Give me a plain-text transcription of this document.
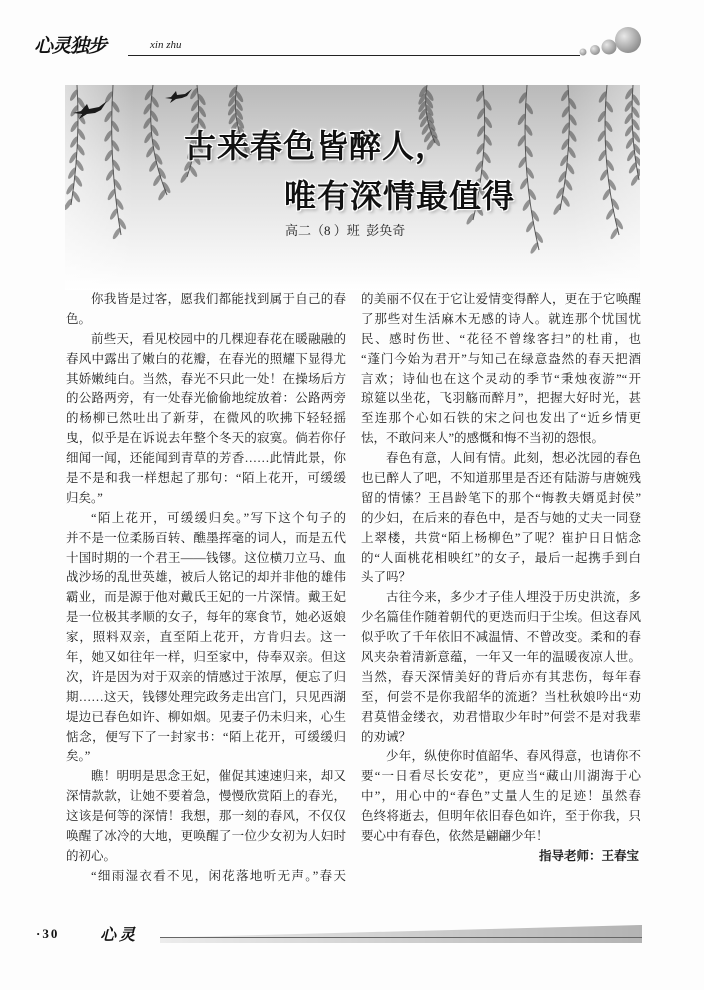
心灵独步	xin zhu
古来春色皆醉人，
唯有深情最值得
高二（8 ）班  彭奂奇
你我皆是过客，愿我们都能找到属于自己的春
色。
前些天，看见校园中的几棵迎春花在暖融融的
春风中露出了嫩白的花瓣，在春光的照耀下显得尤
其娇嫩纯白。当然，春光不只此一处！在操场后方
的公路两旁，有一处春光偷偷地绽放着：公路两旁
的杨柳已然吐出了新芽，在微风的吹拂下轻轻摇
曳，似乎是在诉说去年整个冬天的寂寞。倘若你仔
细闻一闻，还能闻到青草的芳香……此情此景，你
是不是和我一样想起了那句：“陌上花开，可缓缓
归矣。”
“陌上花开，可缓缓归矣。”写下这个句子的
并不是一位柔肠百转、醮墨挥毫的词人，而是五代
十国时期的一个君王——钱镠。这位横刀立马、血
战沙场的乱世英雄，被后人铭记的却并非他的雄伟
霸业，而是源于他对戴氏王妃的一片深情。戴王妃
是一位极其孝顺的女子，每年的寒食节，她必返娘
家，照料双亲，直至陌上花开，方肯归去。这一
年，她又如往年一样，归至家中，侍奉双亲。但这
次，许是因为对于双亲的情感过于浓厚，便忘了归
期……这天，钱镠处理完政务走出宫门，只见西湖
堤边已春色如许、柳如烟。见妻子仍未归来，心生
惦念，便写下了一封家书：“陌上花开，可缓缓归
矣。”
瞧！明明是思念王妃，催促其速速归来，却又
深情款款，让她不要着急，慢慢欣赏陌上的春光，
这该是何等的深情！我想，那一刻的春风，不仅仅
唤醒了冰冷的大地，更唤醒了一位少女初为人妇时
的初心。
“细雨湿衣看不见，闲花落地听无声。”春天
的美丽不仅在于它让爱情变得醉人，更在于它唤醒
了那些对生活麻木无感的诗人。就连那个忧国忧
民、感时伤世、“花径不曾缘客扫”的杜甫，也
“蓬门今始为君开”与知己在绿意盎然的春天把酒
言欢；诗仙也在这个灵动的季节“秉烛夜游”“开
琼筵以坐花，飞羽觞而醉月”，把握大好时光，甚
至连那个心如石铁的宋之问也发出了“近乡情更
怯，不敢问来人”的感慨和悔不当初的怨恨。
春色有意，人间有情。此刻，想必沈园的春色
也已醉人了吧，不知道那里是否还有陆游与唐婉残
留的情愫？王昌龄笔下的那个“悔教夫婿觅封侯”
的少妇，在后来的春色中，是否与她的丈夫一同登
上翠楼，共赏“陌上杨柳色”了呢？崔护日日惦念
的“人面桃花相映红”的女子，最后一起携手到白
头了吗？
古往今来，多少才子佳人埋没于历史洪流，多
少名篇佳作随着朝代的更迭而归于尘埃。但这春风
似乎吹了千年依旧不减温情、不曾改变。柔和的春
风夹杂着清新意蕴，一年又一年的温暖夜凉人世。
当然，春天深情美好的背后亦有其悲伤，每年春
至，何尝不是你我韶华的流逝？当杜秋娘吟出“劝
君莫惜金缕衣，劝君惜取少年时”何尝不是对我辈
的劝诫？
少年，纵使你时值韶华、春风得意，也请你不
要“一日看尽长安花”，更应当“藏山川湖海于心
中”，用心中的“春色”丈量人生的足迹！虽然春
色终将逝去，但明年依旧春色如许，至于你我，只
要心中有春色，依然是翩翩少年！
指导老师：王春宝
·30	心灵
